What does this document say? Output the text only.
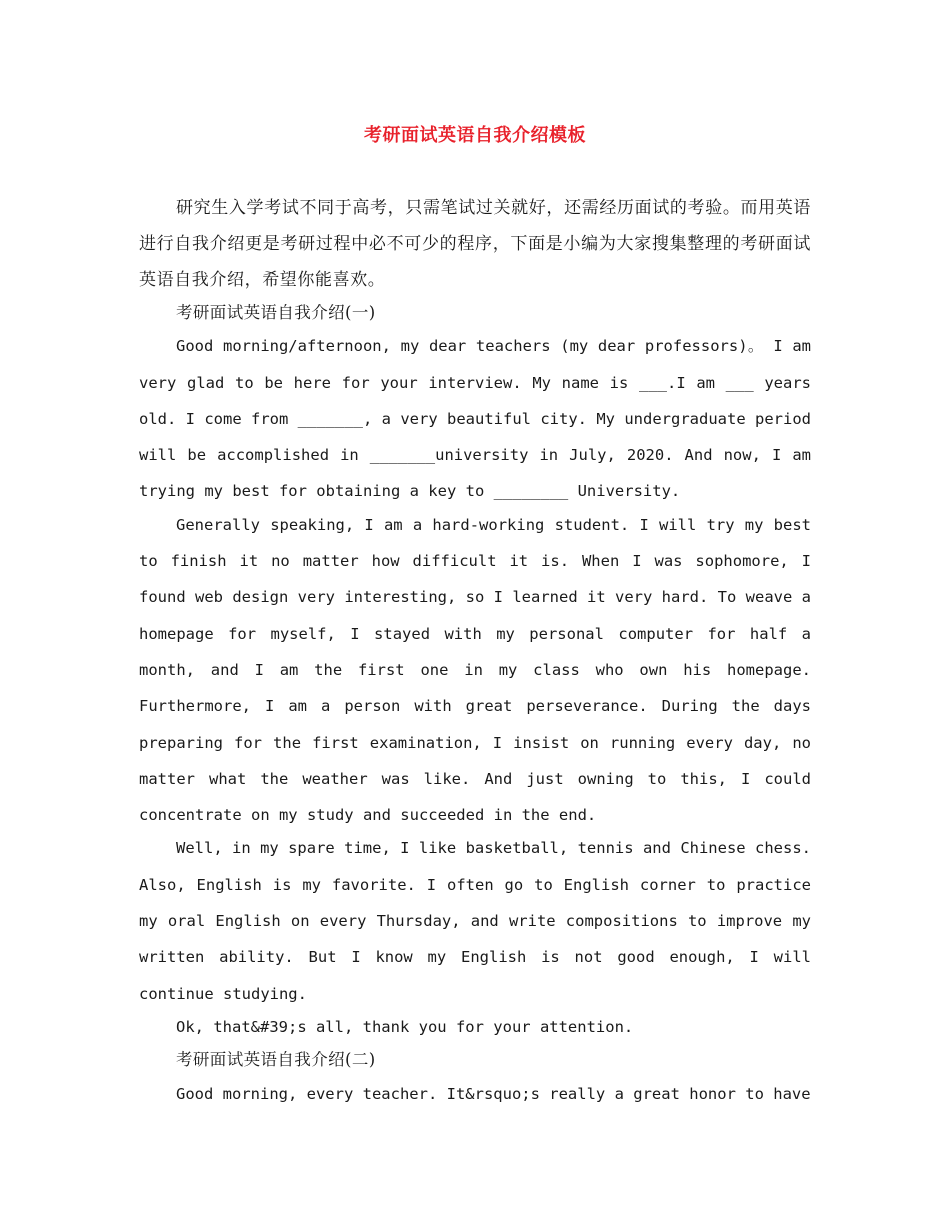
考研面试英语自我介绍模板

研究生入学考试不同于高考，只需笔试过关就好，还需经历面试的考验。而用英语进行自我介绍更是考研过程中必不可少的程序，下面是小编为大家搜集整理的考研面试英语自我介绍，希望你能喜欢。

考研面试英语自我介绍(一)

Good morning/afternoon, my dear teachers (my dear professors)。 I am very glad to be here for your interview. My name is ___.I am ___ years old. I come from _______, a very beautiful city. My undergraduate period will be accomplished in _______university in July, 2020. And now, I am trying my best for obtaining a key to ________ University.

Generally speaking, I am a hard-working student. I will try my best to finish it no matter how difficult it is. When I was sophomore, I found web design very interesting, so I learned it very hard. To weave a homepage for myself, I stayed with my personal computer for half a month, and I am the first one in my class who own his homepage. Furthermore, I am a person with great perseverance. During the days preparing for the first examination, I insist on running every day, no matter what the weather was like. And just owning to this, I could concentrate on my study and succeeded in the end.

Well, in my spare time, I like basketball, tennis and Chinese chess. Also, English is my favorite. I often go to English corner to practice my oral English on every Thursday, and write compositions to improve my written ability. But I know my English is not good enough, I will continue studying.

Ok, that&#39;s all, thank you for your attention.

考研面试英语自我介绍(二)

Good morning, every teacher. It&rsquo;s really a great honor to have
